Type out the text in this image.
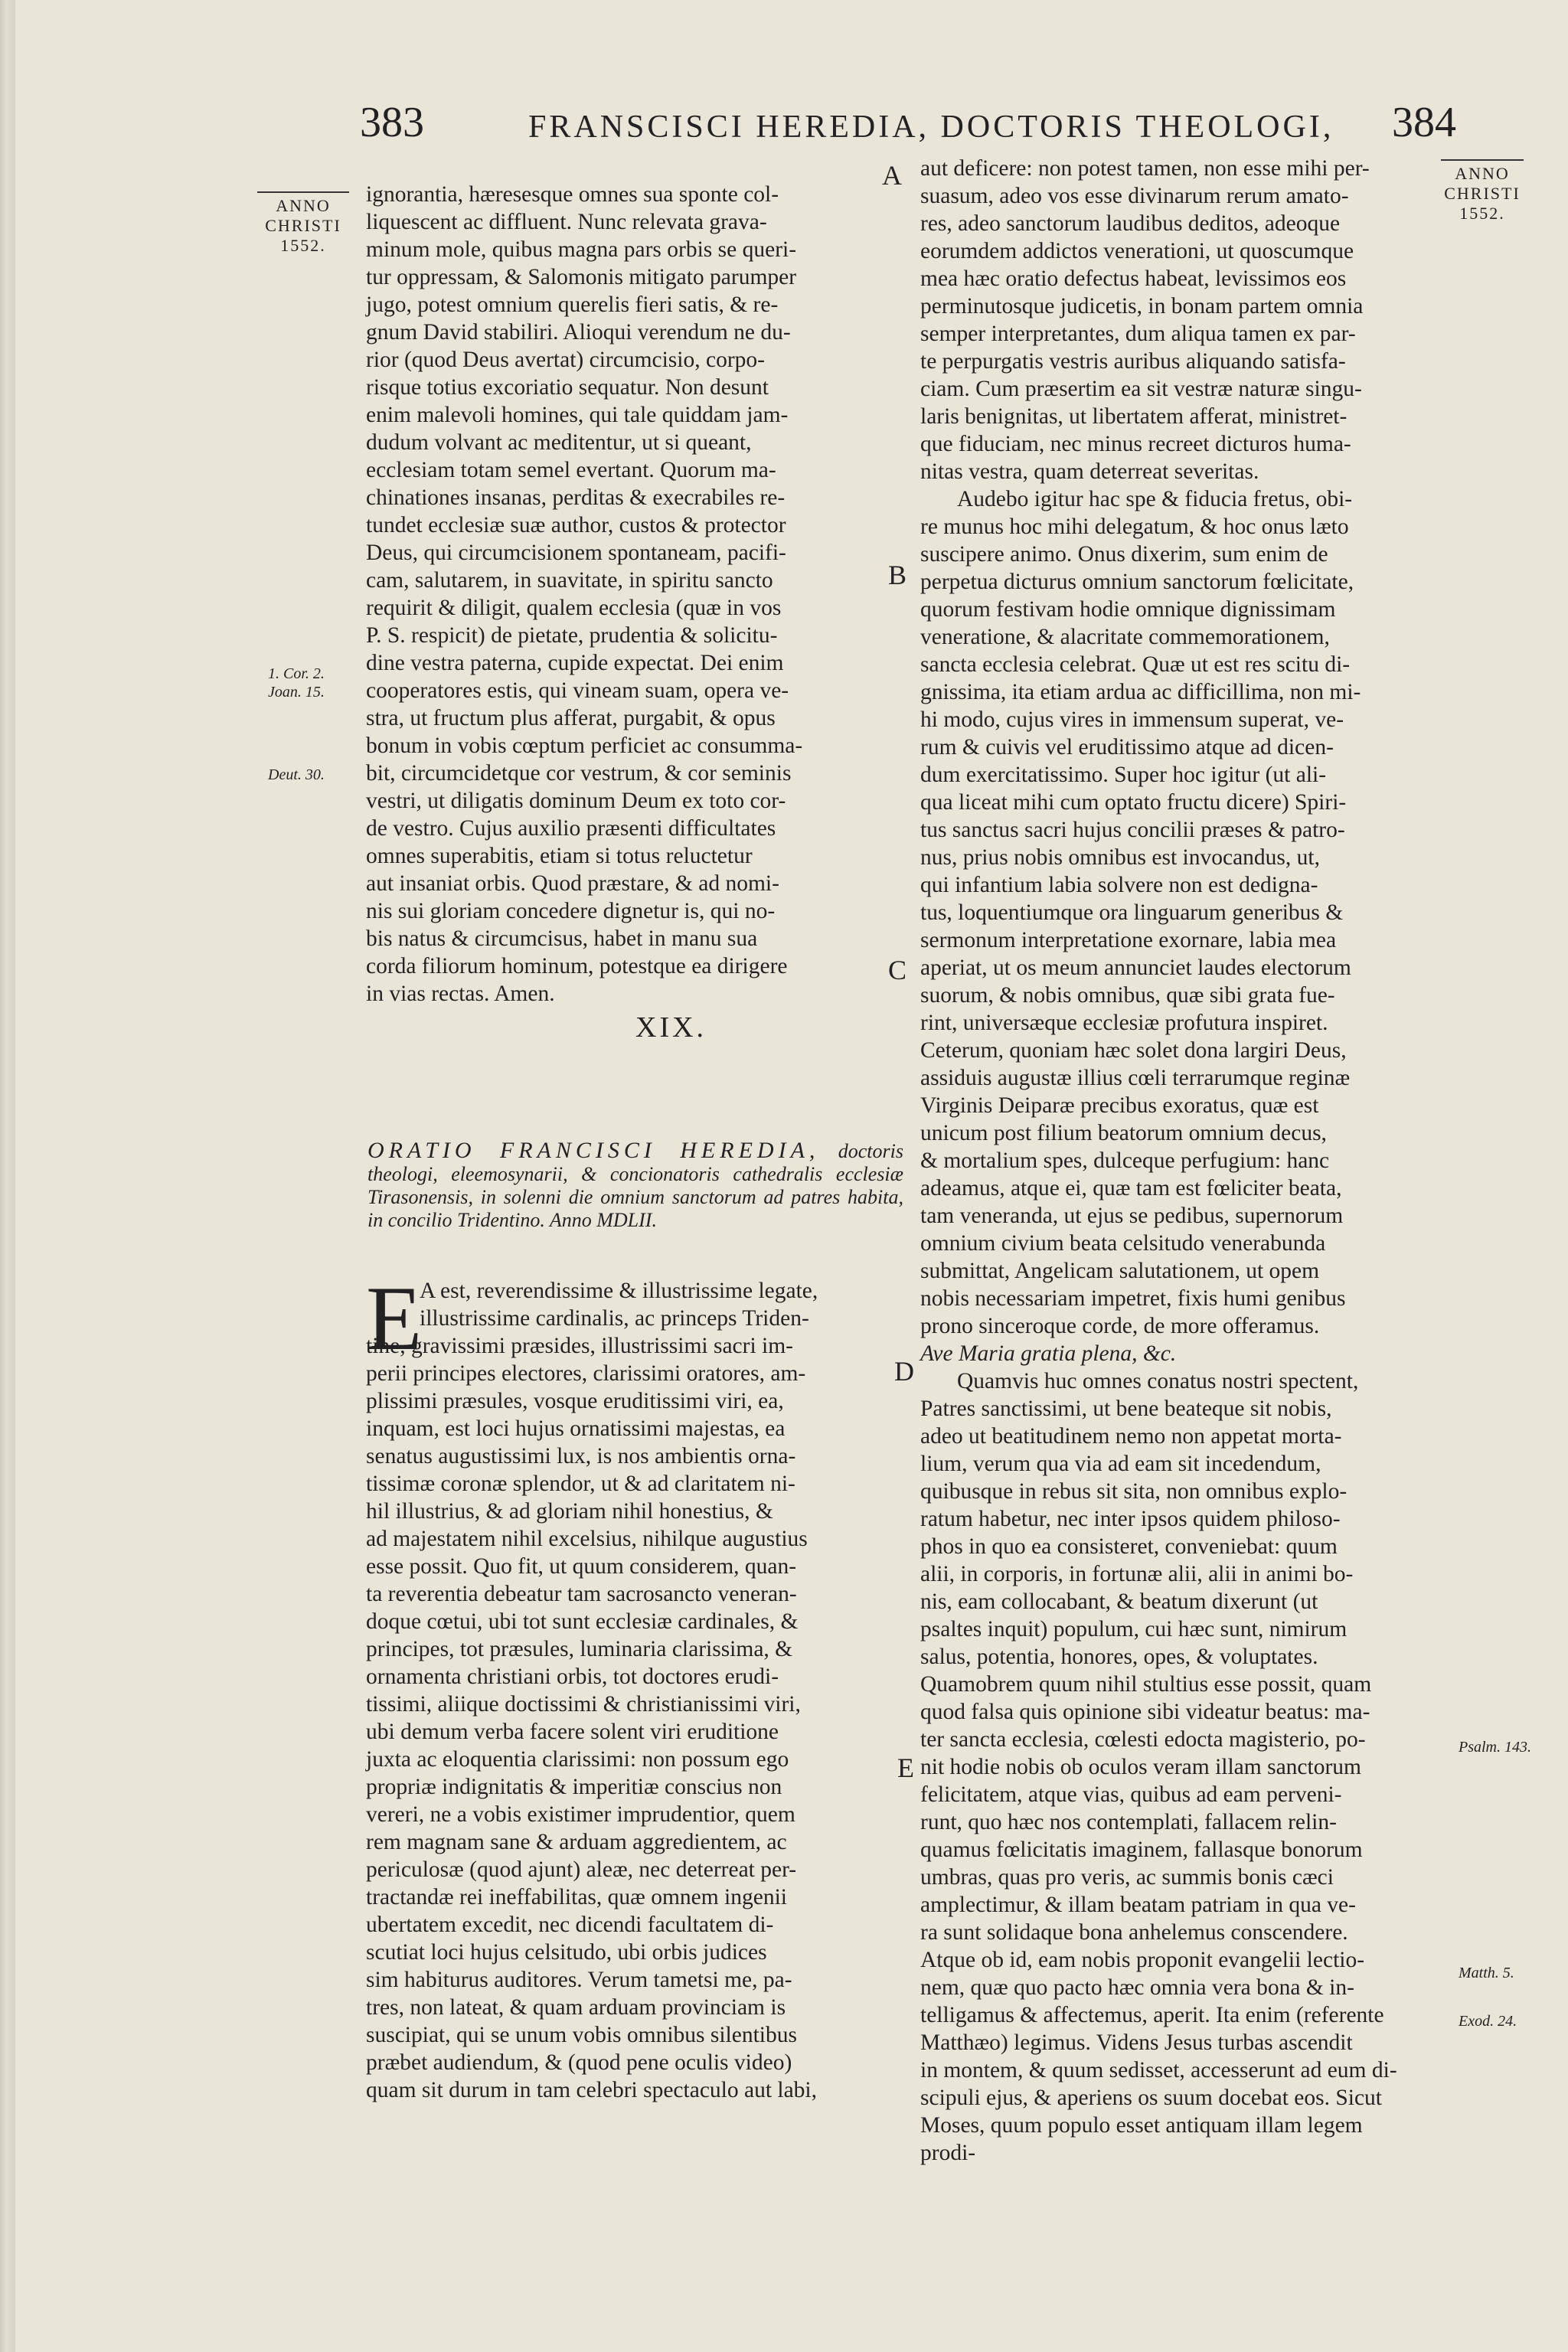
383	FRANSCISCI HEREDIA, DOCTORIS THEOLOGI, 384
ANNO
CHRISTI
1552.
ANNO
CHRISTI
1552.
1. Cor. 2.
Joan. 15.
Deut. 30.
Psalm. 143.
Matth. 5.
Exod. 24.
A
B
C
D
E
ignorantia, hæresesque omnes sua sponte col-
liquescent ac diffluent. Nunc relevata grava-
minum mole, quibus magna pars orbis se queri-
tur oppressam, & Salomonis mitigato parumper
jugo, potest omnium querelis fieri satis, & re-
gnum David stabiliri. Alioqui verendum ne du-
rior (quod Deus avertat) circumcisio, corpo-
risque totius excoriatio sequatur. Non desunt
enim malevoli homines, qui tale quiddam jam-
dudum volvant ac meditentur, ut si queant,
ecclesiam totam semel evertant. Quorum ma-
chinationes insanas, perditas & execrabiles re-
tundet ecclesiæ suæ author, custos & protector
Deus, qui circumcisionem spontaneam, pacifi-
cam, salutarem, in suavitate, in spiritu sancto
requirit & diligit, qualem ecclesia (quæ in vos
P. S. respicit) de pietate, prudentia & solicitu-
dine vestra paterna, cupide expectat. Dei enim
cooperatores estis, qui vineam suam, opera ve-
stra, ut fructum plus afferat, purgabit, & opus
bonum in vobis cœptum perficiet ac consumma-
bit, circumcidetque cor vestrum, & cor seminis
vestri, ut diligatis dominum Deum ex toto cor-
de vestro. Cujus auxilio præsenti difficultates
omnes superabitis, etiam si totus reluctetur
aut insaniat orbis. Quod præstare, & ad nomi-
nis sui gloriam concedere dignetur is, qui no-
bis natus & circumcisus, habet in manu sua
corda filiorum hominum, potestque ea dirigere
in vias rectas. Amen.
XIX.
ORATIO FRANCISCI HEREDIA, doctoris theologi, eleemosynarii, & concionatoris cathedralis ecclesiæ Tirasonensis, in solenni die omnium sanctorum ad patres habita, in concilio Tridentino. Anno MDLII.
E
A est, reverendissime & illustrissime legate,
illustrissime cardinalis, ac princeps Triden-
tine, gravissimi præsides, illustrissimi sacri im-
perii principes electores, clarissimi oratores, am-
plissimi præsules, vosque eruditissimi viri, ea,
inquam, est loci hujus ornatissimi majestas, ea
senatus augustissimi lux, is nos ambientis orna-
tissimæ coronæ splendor, ut & ad claritatem ni-
hil illustrius, & ad gloriam nihil honestius, &
ad majestatem nihil excelsius, nihilque augustius
esse possit. Quo fit, ut quum considerem, quan-
ta reverentia debeatur tam sacrosancto veneran-
doque cœtui, ubi tot sunt ecclesiæ cardinales, &
principes, tot præsules, luminaria clarissima, &
ornamenta christiani orbis, tot doctores erudi-
tissimi, aliique doctissimi & christianissimi viri,
ubi demum verba facere solent viri eruditione
juxta ac eloquentia clarissimi: non possum ego
propriæ indignitatis & imperitiæ conscius non
vereri, ne a vobis existimer imprudentior, quem
rem magnam sane & arduam aggredientem, ac
periculosæ (quod ajunt) aleæ, nec deterreat per-
tractandæ rei ineffabilitas, quæ omnem ingenii
ubertatem excedit, nec dicendi facultatem di-
scutiat loci hujus celsitudo, ubi orbis judices
sim habiturus auditores. Verum tametsi me, pa-
tres, non lateat, & quam arduam provinciam is
suscipiat, qui se unum vobis omnibus silentibus
præbet audiendum, & (quod pene oculis video)
quam sit durum in tam celebri spectaculo aut labi,
aut deficere: non potest tamen, non esse mihi per-
suasum, adeo vos esse divinarum rerum amato-
res, adeo sanctorum laudibus deditos, adeoque
eorumdem addictos venerationi, ut quoscumque
mea hæc oratio defectus habeat, levissimos eos
perminutosque judicetis, in bonam partem omnia
semper interpretantes, dum aliqua tamen ex par-
te perpurgatis vestris auribus aliquando satisfa-
ciam. Cum præsertim ea sit vestræ naturæ singu-
laris benignitas, ut libertatem afferat, ministret-
que fiduciam, nec minus recreet dicturos huma-
nitas vestra, quam deterreat severitas.
Audebo igitur hac spe & fiducia fretus, obi-
re munus hoc mihi delegatum, & hoc onus læto
suscipere animo. Onus dixerim, sum enim de
perpetua dicturus omnium sanctorum fœlicitate,
quorum festivam hodie omnique dignissimam
veneratione, & alacritate commemorationem,
sancta ecclesia celebrat. Quæ ut est res scitu di-
gnissima, ita etiam ardua ac difficillima, non mi-
hi modo, cujus vires in immensum superat, ve-
rum & cuivis vel eruditissimo atque ad dicen-
dum exercitatissimo. Super hoc igitur (ut ali-
qua liceat mihi cum optato fructu dicere) Spiri-
tus sanctus sacri hujus concilii præses & patro-
nus, prius nobis omnibus est invocandus, ut,
qui infantium labia solvere non est dedigna-
tus, loquentiumque ora linguarum generibus &
sermonum interpretatione exornare, labia mea
aperiat, ut os meum annunciet laudes electorum
suorum, & nobis omnibus, quæ sibi grata fue-
rint, universæque ecclesiæ profutura inspiret.
Ceterum, quoniam hæc solet dona largiri Deus,
assiduis augustæ illius cœli terrarumque reginæ
Virginis Deiparæ precibus exoratus, quæ est
unicum post filium beatorum omnium decus,
& mortalium spes, dulceque perfugium: hanc
adeamus, atque ei, quæ tam est fœliciter beata,
tam veneranda, ut ejus se pedibus, supernorum
omnium civium beata celsitudo venerabunda
submittat, Angelicam salutationem, ut opem
nobis necessariam impetret, fixis humi genibus
prono sinceroque corde, de more offeramus.
Ave Maria gratia plena, &c.
Quamvis huc omnes conatus nostri spectent,
Patres sanctissimi, ut bene beateque sit nobis,
adeo ut beatitudinem nemo non appetat morta-
lium, verum qua via ad eam sit incedendum,
quibusque in rebus sit sita, non omnibus explo-
ratum habetur, nec inter ipsos quidem philoso-
phos in quo ea consisteret, conveniebat: quum
alii, in corporis, in fortunæ alii, alii in animi bo-
nis, eam collocabant, & beatum dixerunt (ut
psaltes inquit) populum, cui hæc sunt, nimirum
salus, potentia, honores, opes, & voluptates.
Quamobrem quum nihil stultius esse possit, quam
quod falsa quis opinione sibi videatur beatus: ma-
ter sancta ecclesia, cœlesti edocta magisterio, po-
nit hodie nobis ob oculos veram illam sanctorum
felicitatem, atque vias, quibus ad eam perveni-
runt, quo hæc nos contemplati, fallacem relin-
quamus fœlicitatis imaginem, fallasque bonorum
umbras, quas pro veris, ac summis bonis cæci
amplectimur, & illam beatam patriam in qua ve-
ra sunt solidaque bona anhelemus conscendere.
Atque ob id, eam nobis proponit evangelii lectio-
nem, quæ quo pacto hæc omnia vera bona & in-
telligamus & affectemus, aperit. Ita enim (referente
Matthæo) legimus. Videns Jesus turbas ascendit
in montem, & quum sedisset, accesserunt ad eum di-
scipuli ejus, & aperiens os suum docebat eos. Sicut
Moses, quum populo esset antiquam illam legem
prodi-
